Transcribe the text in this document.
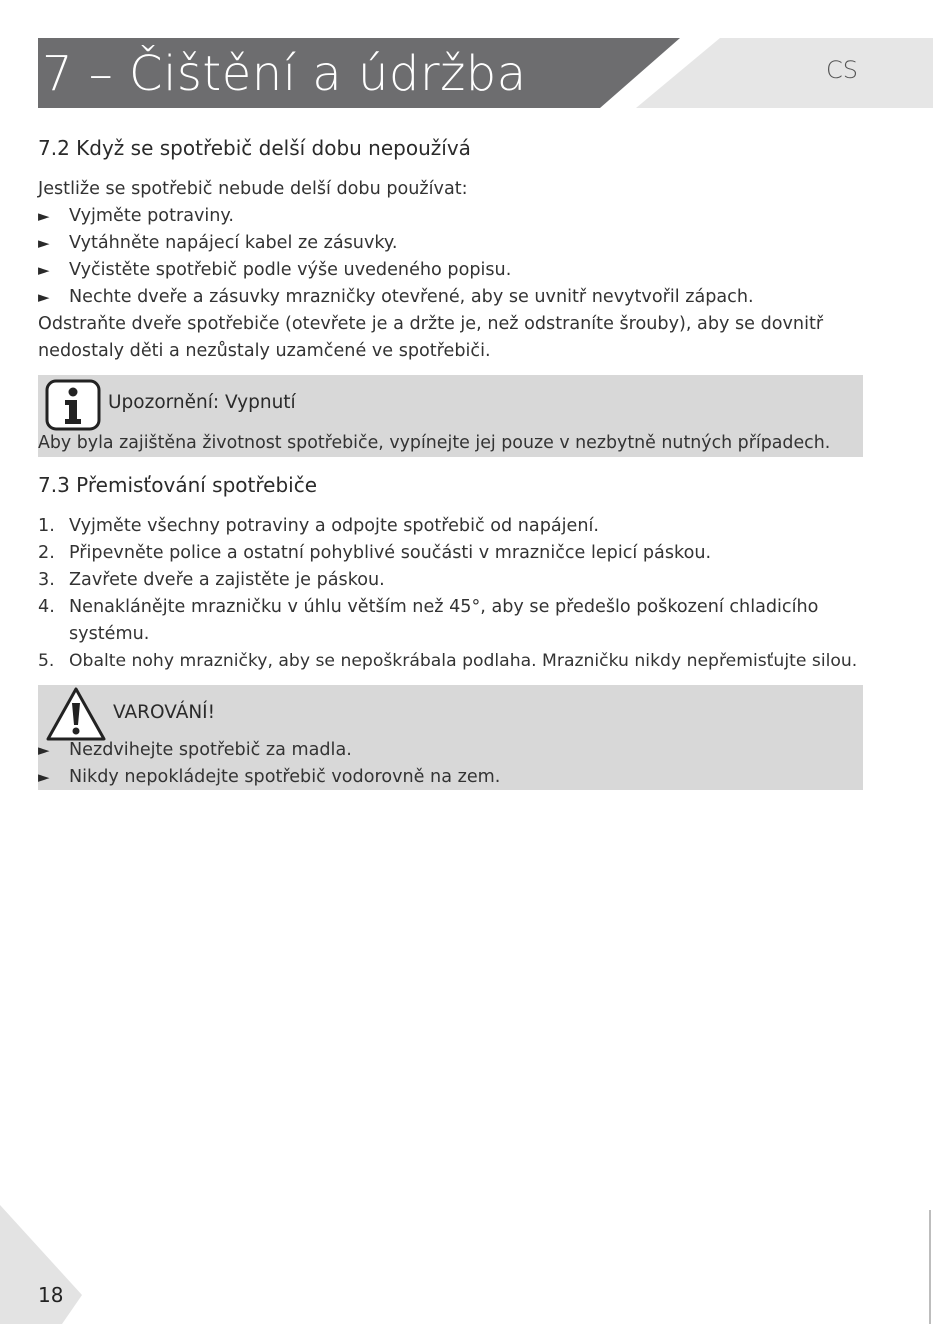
7 – Čištění a údržba	CS
7.2 Když se spotřebič delší dobu nepoužívá
Jestliže se spotřebič nebude delší dobu používat:
► Vyjměte potraviny.
► Vytáhněte napájecí kabel ze zásuvky.
► Vyčistěte spotřebič podle výše uvedeného popisu.
► Nechte dveře a zásuvky mrazničky otevřené, aby se uvnitř nevytvořil zápach.
Odstraňte dveře spotřebiče (otevřete je a držte je, než odstraníte šrouby), aby se dovnitř
nedostaly děti a nezůstaly uzamčené ve spotřebiči.
Upozornění: Vypnutí
Aby byla zajištěna životnost spotřebiče, vypínejte jej pouze v nezbytně nutných případech.
7.3 Přemisťování spotřebiče
1. Vyjměte všechny potraviny a odpojte spotřebič od napájení.
2. Připevněte police a ostatní pohyblivé součásti v mrazničce lepicí páskou.
3. Zavřete dveře a zajistěte je páskou.
4. Nenaklánějte mrazničku v úhlu větším než 45°, aby se předešlo poškození chladicího
systému.
5. Obalte nohy mrazničky, aby se nepoškrábala podlaha. Mrazničku nikdy nepřemisťujte silou.
VAROVÁNÍ!
► Nezdvihejte spotřebič za madla.
► Nikdy nepokládejte spotřebič vodorovně na zem.
18
